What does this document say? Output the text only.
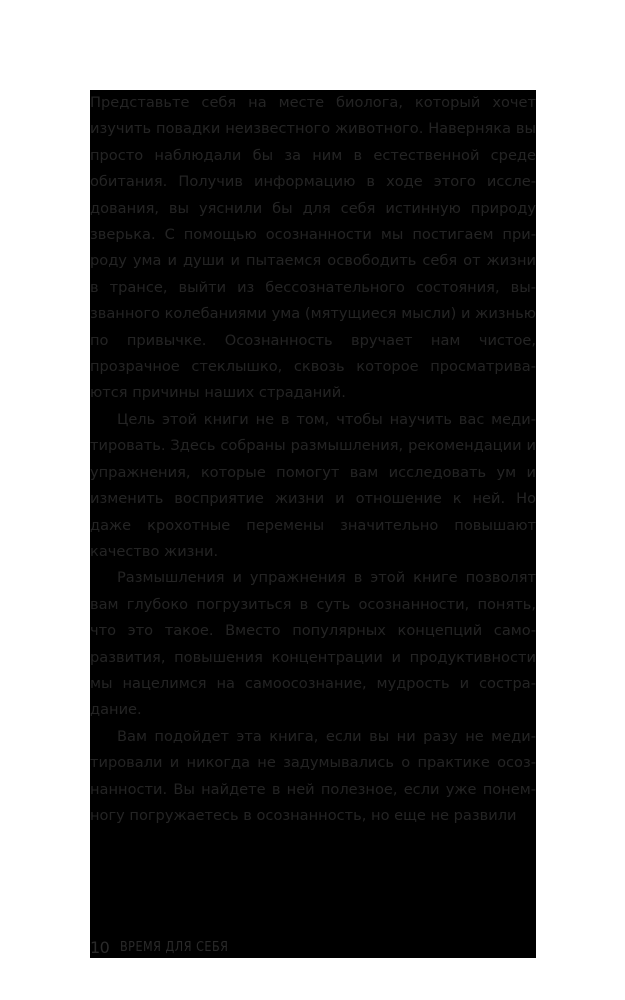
Представьте себя на месте биолога, который хочет изучить повадки неизвестного животного. Наверняка вы просто наблюдали бы за ним в естественной среде обитания. Получив информацию в ходе этого исследования, вы уяснили бы для себя истинную природу зверька. С помощью осознанности мы постигаем природу ума и души и пытаемся освободить себя от жизни в трансе, выйти из бессознательного состояния, вызванного колебаниями ума (мятущиеся мысли) и жизнью по привычке. Осознанность вручает нам чистое, прозрачное стеклышко, сквозь которое просматриваются причины наших страданий.

Цель этой книги не в том, чтобы научить вас медитировать. Здесь собраны размышления, рекомендации и упражнения, которые помогут вам исследовать ум и изменить восприятие жизни и отношение к ней. Но даже крохотные перемены значительно повышают качество жизни.

Размышления и упражнения в этой книге позволят вам глубоко погрузиться в суть осознанности, понять, что это такое. Вместо популярных концепций саморазвития, повышения концентрации и продуктивности мы нацелимся на самоосознание, мудрость и сострадание.

Вам подойдет эта книга, если вы ни разу не медитировали и никогда не задумывались о практике осознанности. Вы найдете в ней полезное, если уже понемногу погружаетесь в осознанность, но еще не развили

10 ВРЕМЯ ДЛЯ СЕБЯ
